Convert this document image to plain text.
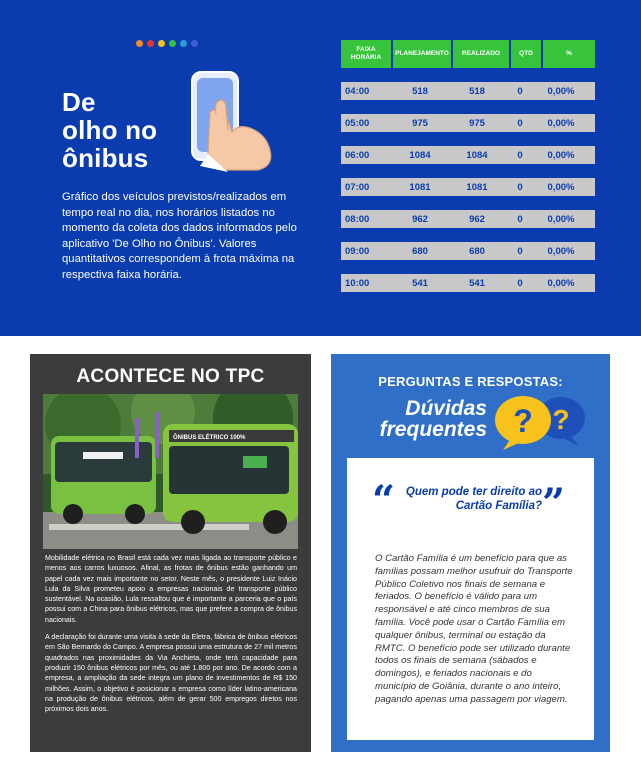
De
olho no
ônibus
Gráfico dos veículos previstos/realizados em tempo real no dia, nos horários listados no momento da coleta dos dados informados pelo aplicativo 'De Olho no Ônibus'. Valores quantitativos correspondem à frota máxima na respectiva faixa horária.
FAIXA HORÁRIA
PLANEJAMENTO	REALIZADO	QTD	%
04:00	518	518	0	0,00%
05:00	975	975	0	0,00%
06:00	1084	1084	0	0,00%
07:00	1081	1081	0	0,00%
08:00	962	962	0	0,00%
09:00	680	680	0	0,00%
10:00	541	541	0	0,00%
ACONTECE NO TPC
ÔNIBUS ELÉTRICO 100%

Mobilidade elétrica no Brasil está cada vez mais ligada ao transporte público e menos aos carros luxuosos. Afinal, as frotas de ônibus estão ganhando um papel cada vez mais importante no setor. Neste mês, o presidente Luiz Inácio Lula da Silva prometeu apoio a empresas nacionais de transporte público sustentável. Na ocasião, Lula ressaltou que é importante a parceria que o país possui com a China para ônibus elétricos, mas que prefere a compra de ônibus nacionais.

A declaração foi durante uma visita à sede da Eletra, fábrica de ônibus elétricos em São Bernardo do Campo. A empresa possui uma estrutura de 27 mil metros quadrados nas proximidades da Via Anchieta, onde terá capacidade para produzir 150 ônibus elétricos por mês, ou até 1.800 por ano. De acordo com a empresa, a ampliação da sede integra um plano de investimentos de R$ 150 milhões. Assim, o objetivo é posicionar a empresa como líder latino-americana na produção de ônibus elétricos, além de gerar 500 empregos diretos nos próximos dois anos.

PERGUNTAS E RESPOSTAS:
Dúvidas
frequentes ?
?
“ Quem pode ter direito ao Cartão Família? ”
O Cartão Família é um benefício para que as famílias possam melhor usufruir do Transporte Público Coletivo nos finais de semana e feriados. O benefício é válido para um responsável e até cinco membros de sua família. Você pode usar o Cartão Família em qualquer ônibus, terminal ou estação da RMTC. O benefício pode ser utilizado durante todos os finais de semana (sábados e domingos), e feriados nacionais e do município de Goiânia, durante o ano inteiro, pagando apenas uma passagem por viagem.
